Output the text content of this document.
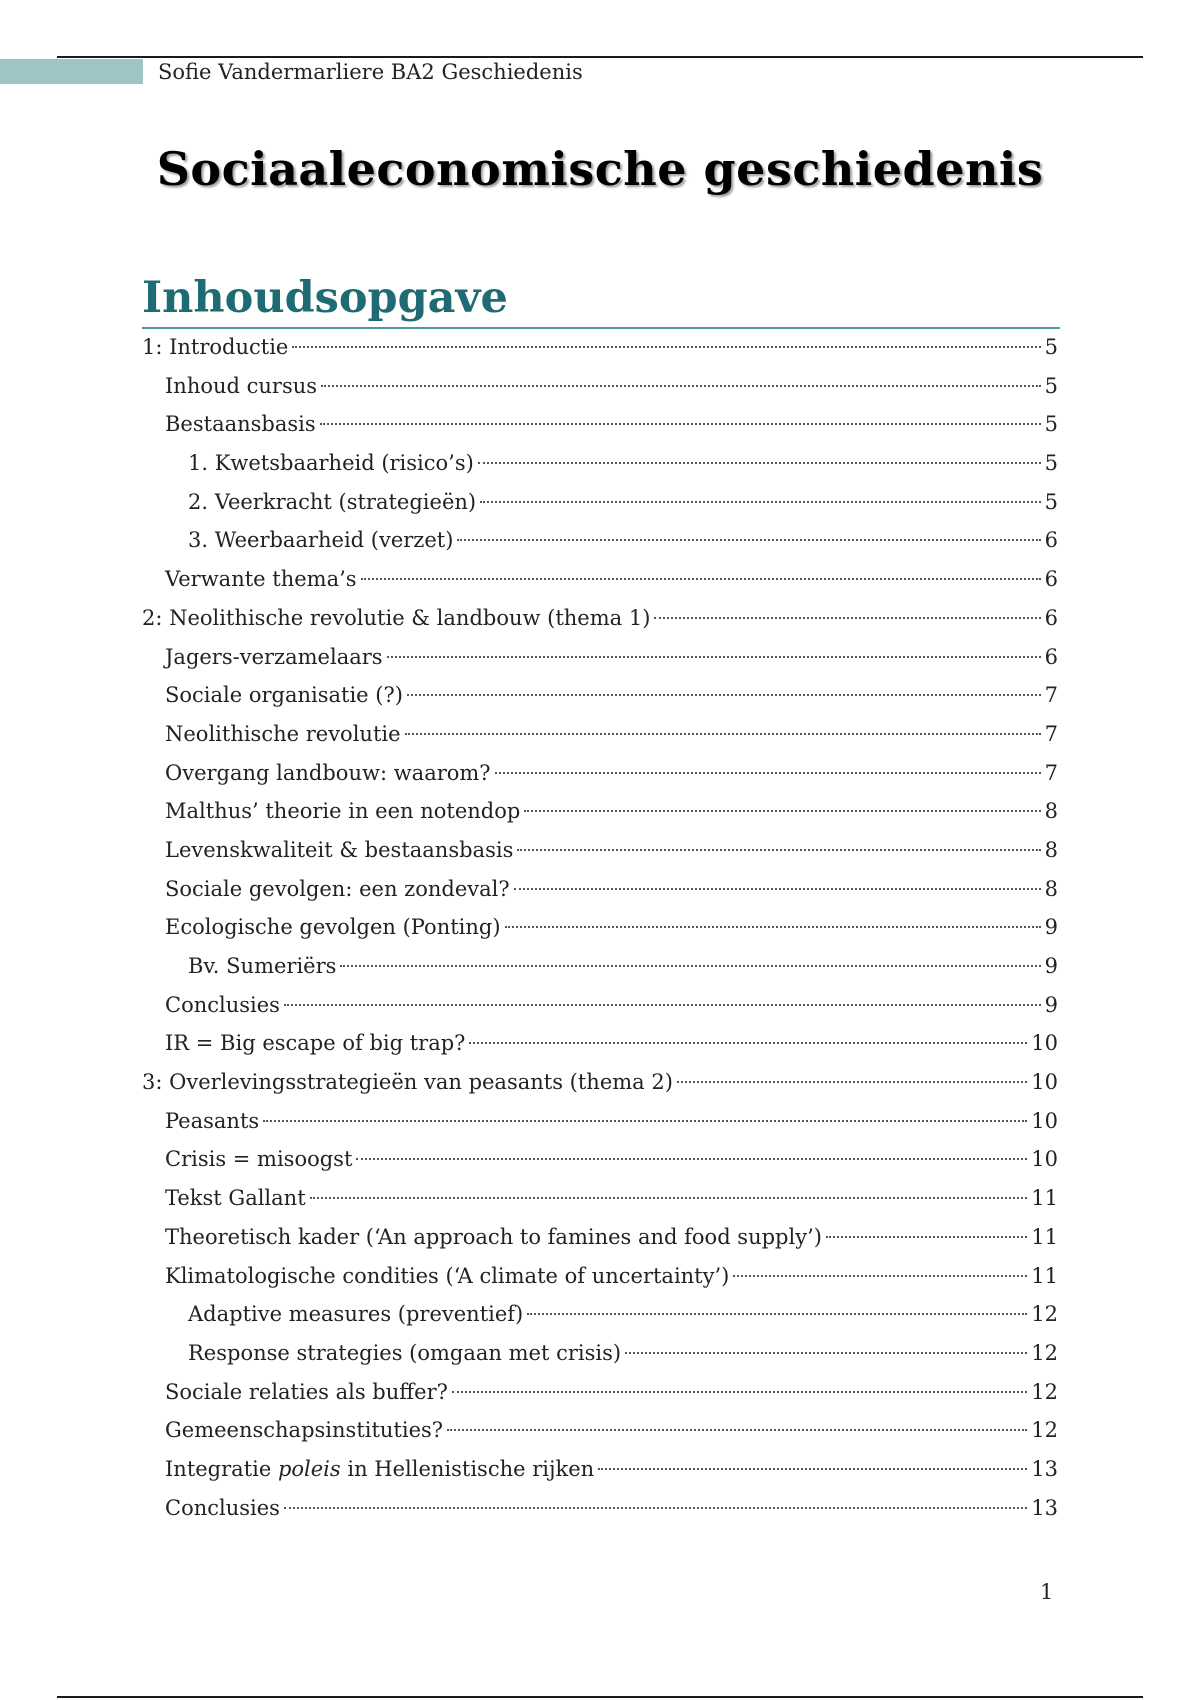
Sofie Vandermarliere BA2 Geschiedenis
Sociaaleconomische geschiedenis
Inhoudsopgave
1: Introductie	5
Inhoud cursus	5
Bestaansbasis	5
1. Kwetsbaarheid (risico’s)	5
2. Veerkracht (strategieën)	5
3. Weerbaarheid (verzet)	6
Verwante thema’s	6
2: Neolithische revolutie & landbouw (thema 1)	6
Jagers-verzamelaars	6
Sociale organisatie (?)	7
Neolithische revolutie	7
Overgang landbouw: waarom?	7
Malthus’ theorie in een notendop	8
Levenskwaliteit & bestaansbasis	8
Sociale gevolgen: een zondeval?	8
Ecologische gevolgen (Ponting)	9
Bv. Sumeriërs	9
Conclusies	9
IR = Big escape of big trap?	10
3: Overlevingsstrategieën van peasants (thema 2)	10
Peasants	10
Crisis = misoogst	10
Tekst Gallant	11
Theoretisch kader (‘An approach to famines and food supply’)	11
Klimatologische condities (‘A climate of uncertainty’)	11
Adaptive measures (preventief)	12
Response strategies (omgaan met crisis)	12
Sociale relaties als buffer?	12
Gemeenschapsinstituties?	12
Integratie poleis in Hellenistische rijken	13
Conclusies	13
1
